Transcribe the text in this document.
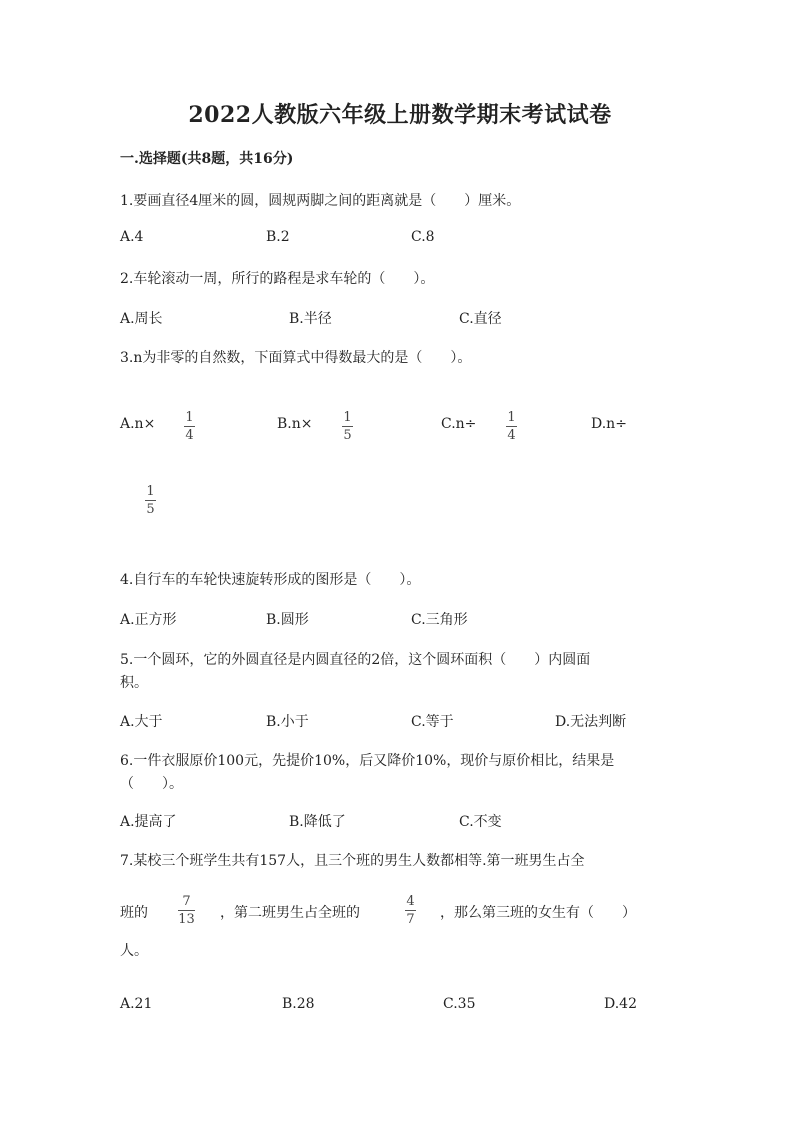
2022人教版六年级上册数学期末考试试卷
一.选择题(共8题，共16分)
1.要画直径4厘米的圆，圆规两脚之间的距离就是（　　）厘米。
A.4	B.2	C.8
2.车轮滚动一周，所行的路程是求车轮的（　　）。
A.周长	B.半径	C.直径
3.n为非零的自然数，下面算式中得数最大的是（　　）。
A.n× 1
4
B.n× 1
5
C.n÷ 1
4
D.n÷
1
5
4.自行车的车轮快速旋转形成的图形是（　　）。
A.正方形	B.圆形	C.三角形
5.一个圆环，它的外圆直径是内圆直径的2倍，这个圆环面积（　　）内圆面
积。
A.大于	B.小于	C.等于	D.无法判断
6.一件衣服原价100元，先提价10%，后又降价10%，现价与原价相比，结果是
（　　）。
A.提高了	B.降低了	C.不变
7.某校三个班学生共有157人，且三个班的男生人数都相等.第一班男生占全
班的
7
13 ，第二班男生占全班的
4
7 ，那么第三班的女生有（　　）
人。
A.21	B.28	C.35	D.42
